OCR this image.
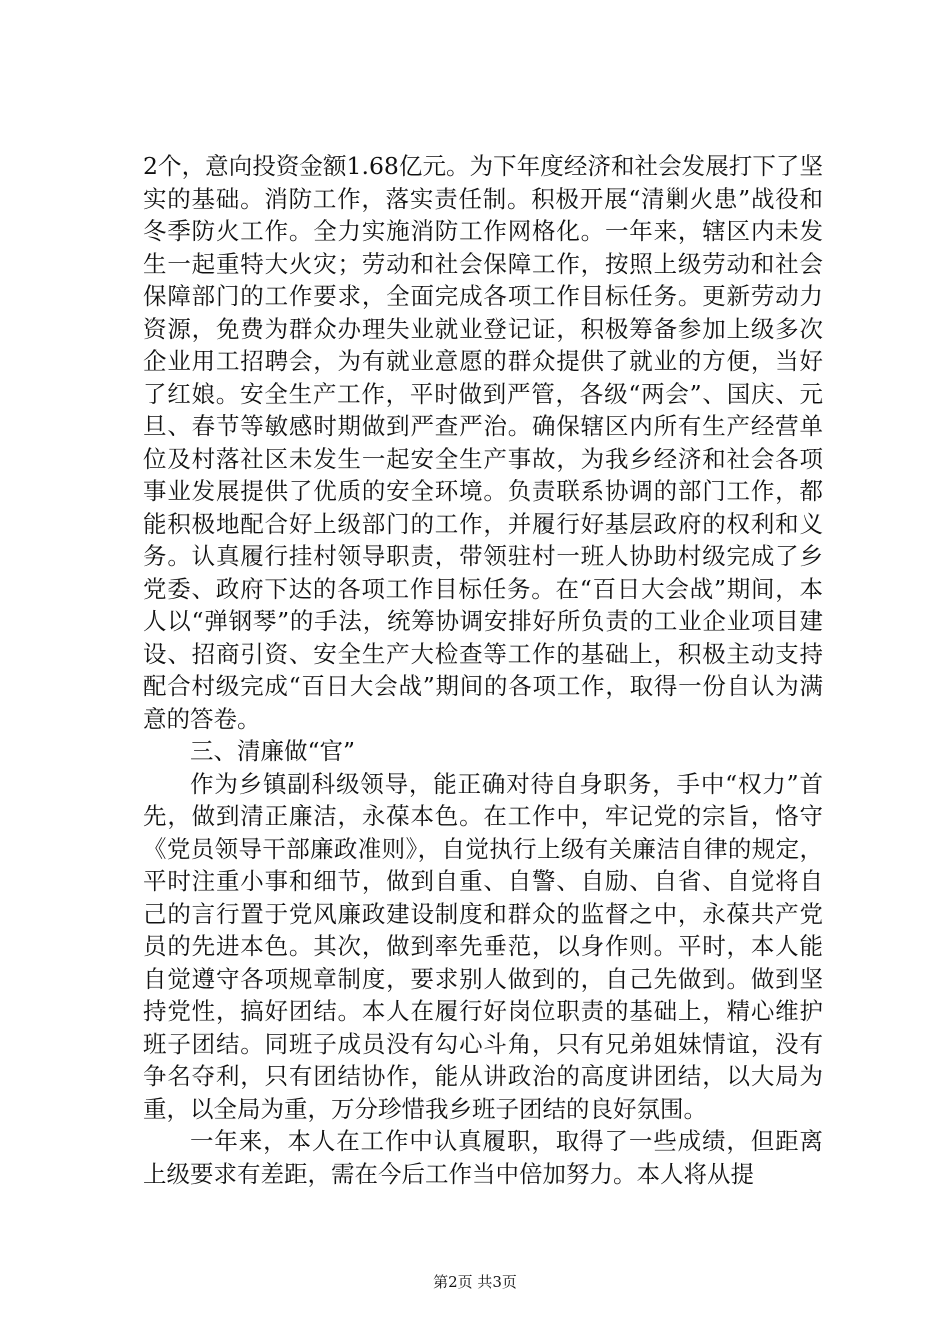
2个，意向投资金额1.68亿元。为下年度经济和社会发展打下了坚实的基础。消防工作，落实责任制。积极开展“清剿火患”战役和冬季防火工作。全力实施消防工作网格化。一年来，辖区内未发生一起重特大火灾；劳动和社会保障工作，按照上级劳动和社会保障部门的工作要求，全面完成各项工作目标任务。更新劳动力资源，免费为群众办理失业就业登记证，积极筹备参加上级多次企业用工招聘会，为有就业意愿的群众提供了就业的方便，当好了红娘。安全生产工作，平时做到严管，各级“两会”、国庆、元旦、春节等敏感时期做到严查严治。确保辖区内所有生产经营单位及村落社区未发生一起安全生产事故，为我乡经济和社会各项事业发展提供了优质的安全环境。负责联系协调的部门工作，都能积极地配合好上级部门的工作，并履行好基层政府的权利和义务。认真履行挂村领导职责，带领驻村一班人协助村级完成了乡党委、政府下达的各项工作目标任务。在“百日大会战”期间，本人以“弹钢琴”的手法，统筹协调安排好所负责的工业企业项目建设、招商引资、安全生产大检查等工作的基础上，积极主动支持配合村级完成“百日大会战”期间的各项工作，取得一份自认为满意的答卷。

三、清廉做“官”

作为乡镇副科级领导，能正确对待自身职务，手中“权力”首先，做到清正廉洁，永葆本色。在工作中，牢记党的宗旨，恪守《党员领导干部廉政准则》，自觉执行上级有关廉洁自律的规定，平时注重小事和细节，做到自重、自警、自励、自省、自觉将自己的言行置于党风廉政建设制度和群众的监督之中，永葆共产党员的先进本色。其次，做到率先垂范，以身作则。平时，本人能自觉遵守各项规章制度，要求别人做到的，自己先做到。做到坚持党性，搞好团结。本人在履行好岗位职责的基础上，精心维护班子团结。同班子成员没有勾心斗角，只有兄弟姐妹情谊，没有争名夺利，只有团结协作，能从讲政治的高度讲团结，以大局为重，以全局为重，万分珍惜我乡班子团结的良好氛围。

一年来，本人在工作中认真履职，取得了一些成绩，但距离上级要求有差距，需在今后工作当中倍加努力。本人将从提

第2页 共3页
